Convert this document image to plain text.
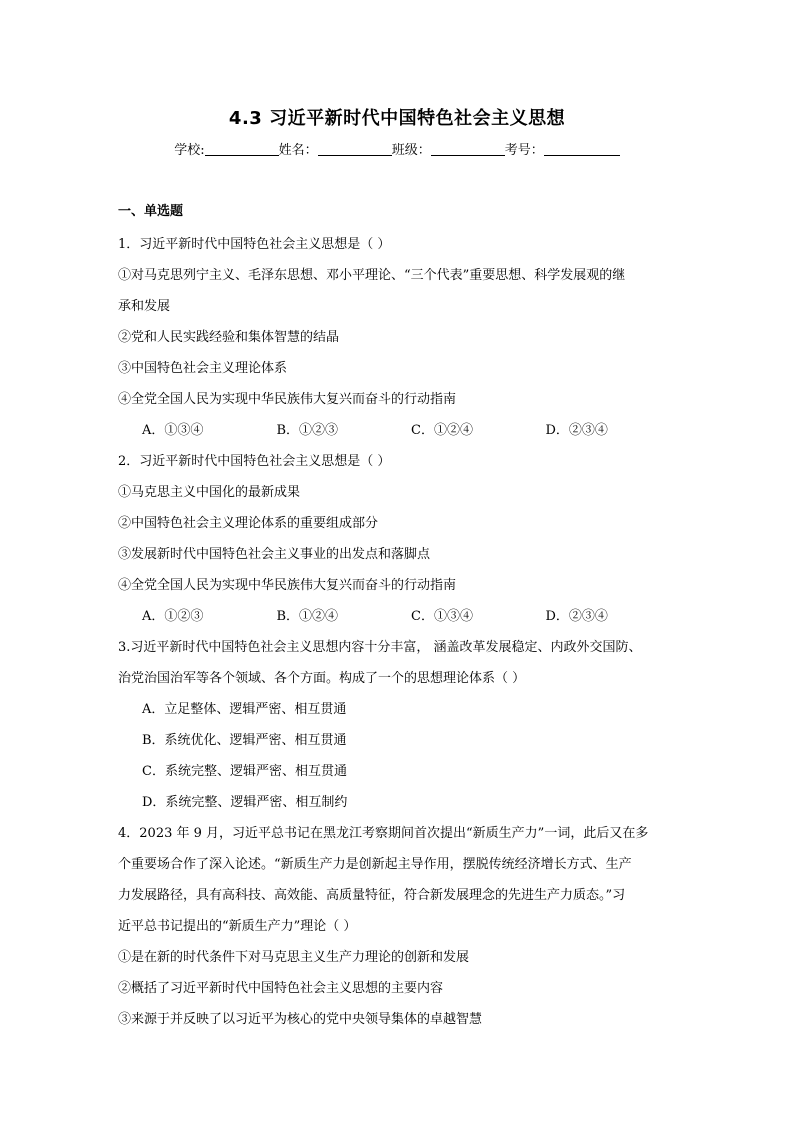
4.3 习近平新时代中国特色社会主义思想
学校:	姓名：	班级：	考号：
一、单选题
1．习近平新时代中国特色社会主义思想是（ ）
①对马克思列宁主义、毛泽东思想、邓小平理论、“三个代表”重要思想、科学发展观的继
承和发展
②党和人民实践经验和集体智慧的结晶
③中国特色社会主义理论体系
④全党全国人民为实现中华民族伟大复兴而奋斗的行动指南
A．①③④	B．①②③	C．①②④	D．②③④
2．习近平新时代中国特色社会主义思想是（ ）
①马克思主义中国化的最新成果
②中国特色社会主义理论体系的重要组成部分
③发展新时代中国特色社会主义事业的出发点和落脚点
④全党全国人民为实现中华民族伟大复兴而奋斗的行动指南
A．①②③	B．①②④	C．①③④	D．②③④
3.习近平新时代中国特色社会主义思想内容十分丰富， 涵盖改革发展稳定、内政外交国防、
治党治国治军等各个领域、各个方面。构成了一个的思想理论体系（ ）
A．立足整体、逻辑严密、相互贯通
B．系统优化、逻辑严密、相互贯通
C．系统完整、逻辑严密、相互贯通
D．系统完整、逻辑严密、相互制约
4．2023 年 9 月，习近平总书记在黑龙江考察期间首次提出“新质生产力”一词，此后又在多
个重要场合作了深入论述。“新质生产力是创新起主导作用，摆脱传统经济增长方式、生产
力发展路径，具有高科技、高效能、高质量特征，符合新发展理念的先进生产力质态。”习
近平总书记提出的“新质生产力”理论（ ）
①是在新的时代条件下对马克思主义生产力理论的创新和发展
②概括了习近平新时代中国特色社会主义思想的主要内容
③来源于并反映了以习近平为核心的党中央领导集体的卓越智慧
